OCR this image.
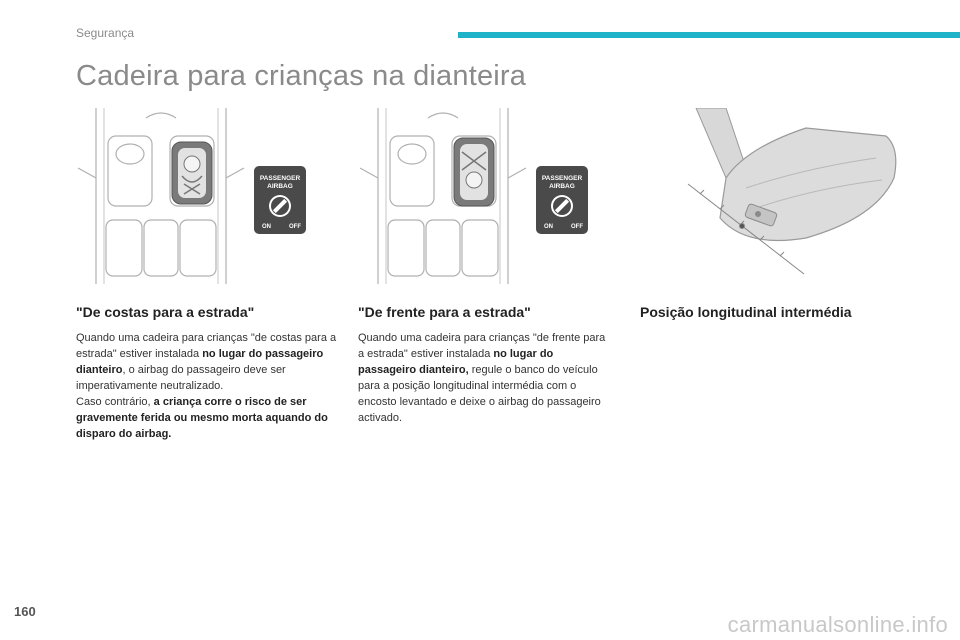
Segurança
Cadeira para crianças na dianteira
PASSENGER
AIRBAG
ON	OFF
PASSENGER
AIRBAG
ON	OFF
"De costas para a estrada"
Quando uma cadeira para crianças "de costas para a estrada" estiver instalada no lugar do passageiro dianteiro, o airbag do passageiro deve ser imperativamente neutralizado.
Caso contrário, a criança corre o risco de ser gravemente ferida ou mesmo morta aquando do disparo do airbag.
"De frente para a estrada"
Quando uma cadeira para crianças "de frente para a estrada" estiver instalada no lugar do passageiro dianteiro, regule o banco do veículo para a posição longitudinal intermédia com o encosto levantado e deixe o airbag do passageiro activado.
Posição longitudinal intermédia
160
carmanualsonline.info
